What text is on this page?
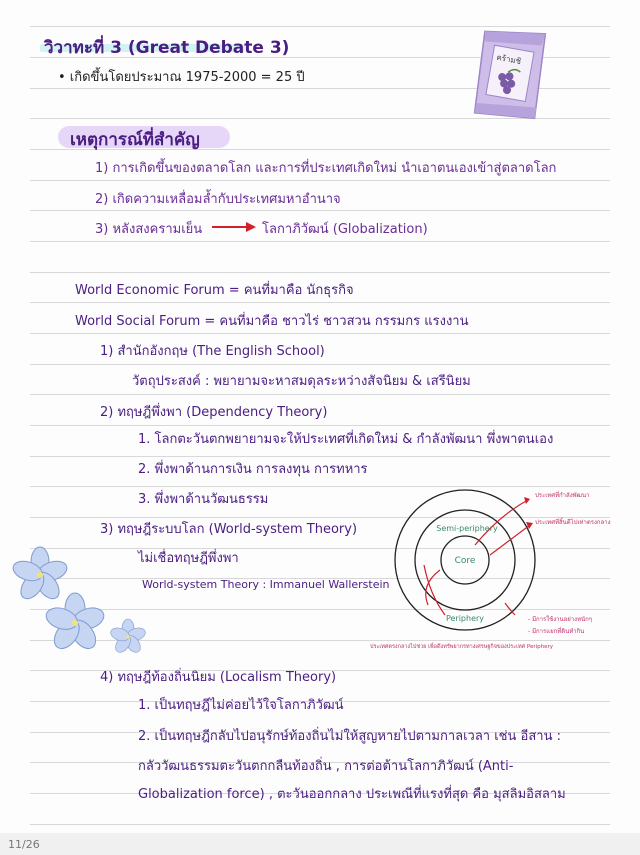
วิวาทะที่ 3 (Great Debate 3)
• เกิดขึ้นโดยประมาณ 1975-2000 = 25 ปี
คร้ามชิ
เหตุการณ์ที่สำคัญ
1) การเกิดขึ้นของตลาดโลก และการที่ประเทศเกิดใหม่ นำเอาตนเองเข้าสู่ตลาดโลก
2) เกิดความเหลื่อมล้ำกับประเทศมหาอำนาจ
3) หลังสงครามเย็น	โลกาภิวัฒน์ (Globalization)
World Economic Forum = คนที่มาคือ นักธุรกิจ
World Social Forum = คนที่มาคือ ชาวไร่ ชาวสวน กรรมกร แรงงาน
1) สำนักอังกฤษ (The English School)
วัตถุประสงค์ : พยายามจะหาสมดุลระหว่างสัจนิยม & เสรีนิยม
2) ทฤษฎีพึ่งพา (Dependency Theory)
1. โลกตะวันตกพยายามจะให้ประเทศที่เกิดใหม่ & กำลังพัฒนา พึ่งพาตนเอง
2. พึ่งพาด้านการเงิน การลงทุน การทหาร
3. พึ่งพาด้านวัฒนธรรม
3) ทฤษฎีระบบโลก (World-system Theory)
ไม่เชื่อทฤษฎีพึ่งพา
World-system Theory : Immanuel Wallerstein
Core
Semi-periphery
Periphery
ประเทศที่กำลังพัฒนา
ประเทศที่สิ้นดีไปเท่าตรงกลาง
- มีการใช้งานอย่างหนักๆ
- มีการแยกที่ดินทำกิน
ประเทศตรงกลางไปช่วย เพื่อดึงทรัพยากรทางเศรษฐกิจของประเทศ Periphery
4) ทฤษฎีท้องถิ่นนิยม (Localism Theory)
1. เป็นทฤษฎีไม่ค่อยไว้ใจโลกาภิวัฒน์
2. เป็นทฤษฎีกลับไปอนุรักษ์ท้องถิ่นไม่ให้สูญหายไปตามกาลเวลา เช่น อีสาน :
กลัววัฒนธรรมตะวันตกกลืนท้องถิ่น , การต่อต้านโลกาภิวัฒน์ (Anti-
Globalization force) , ตะวันออกกลาง ประเพณีที่แรงที่สุด คือ มุสลิมอิสลาม
11/26
